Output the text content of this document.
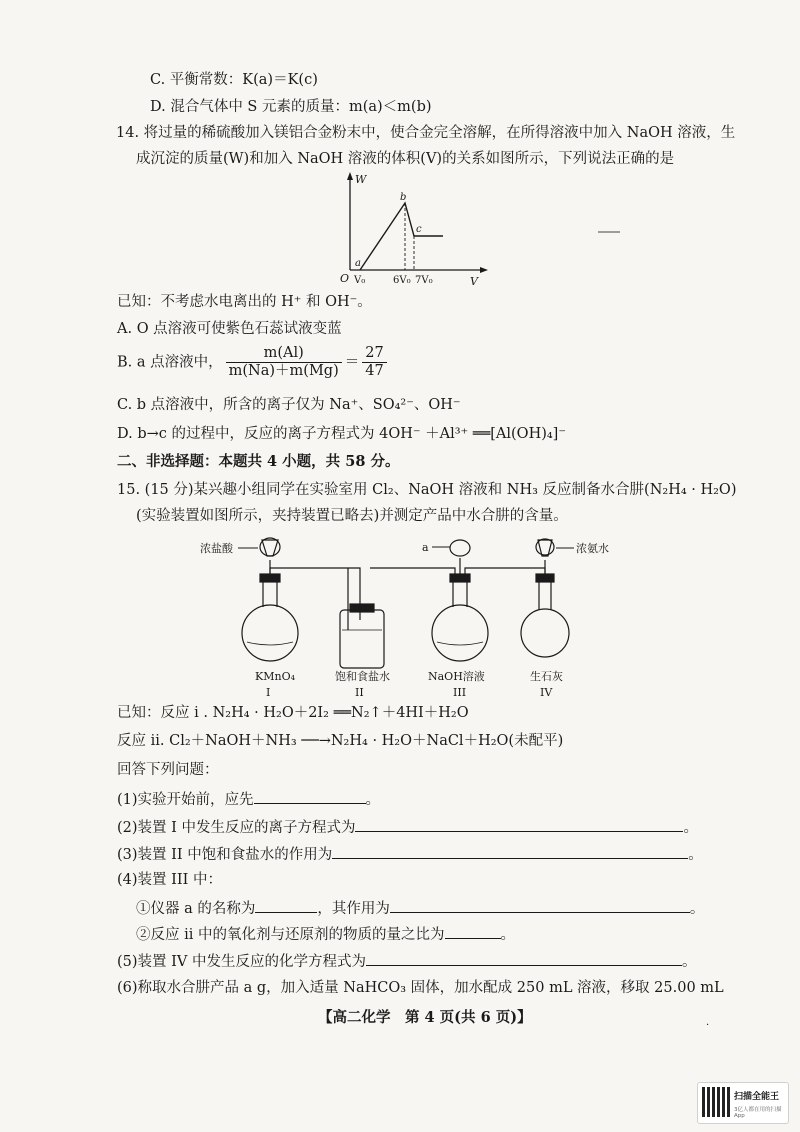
C. 平衡常数：K(a)＝K(c)
D. 混合气体中 S 元素的质量：m(a)＜m(b)
14. 将过量的稀硫酸加入镁铝合金粉末中，使合金完全溶解，在所得溶液中加入 NaOH 溶液，生
成沉淀的质量(W)和加入 NaOH 溶液的体积(V)的关系如图所示，下列说法正确的是
W
V
O
a
b
c
V₀	6V₀ 7V₀
已知：不考虑水电离出的 H⁺ 和 OH⁻。
A. O 点溶液可使紫色石蕊试液变蓝
B. a 点溶液中， $\frac{m(Al)}{m(Na)+m(Mg)} = \frac{27}{47}$
C. b 点溶液中，所含的离子仅为 Na⁺、SO₄²⁻、OH⁻
D. b→c 的过程中，反应的离子方程式为 4OH⁻ ＋Al³⁺ ══[Al(OH)₄]⁻
二、非选择题：本题共 4 小题，共 58 分。
15. (15 分)某兴趣小组同学在实验室用 Cl₂、NaOH 溶液和 NH₃ 反应制备水合肼(N₂H₄ · H₂O)
(实验装置如图所示，夹持装置已略去)并测定产品中水合肼的含量。
浓盐酸	a	浓氨水
KMnO₄	饱和食盐水	NaOH溶液	生石灰
I	II	III	IV
已知：反应 i . N₂H₄ · H₂O＋2I₂ ══N₂↑＋4HI＋H₂O
反应 ii. Cl₂＋NaOH＋NH₃ ──→N₂H₄ · H₂O＋NaCl＋H₂O(未配平)
回答下列问题：
(1)实验开始前，应先	。
(2)装置 I 中发生反应的离子方程式为	。
(3)装置 II 中饱和食盐水的作用为	。
(4)装置 III 中：
①仪器 a 的名称为	，其作用为	。
②反应 ii 中的氧化剂与还原剂的物质的量之比为	。
(5)装置 IV 中发生反应的化学方程式为	。
(6)称取水合肼产品 a g，加入适量 NaHCO₃ 固体，加水配成 250 mL 溶液，移取 25.00 mL
【高二化学　第 4 页(共 6 页)】	·
扫描全能王
3亿人都在用的扫描App
